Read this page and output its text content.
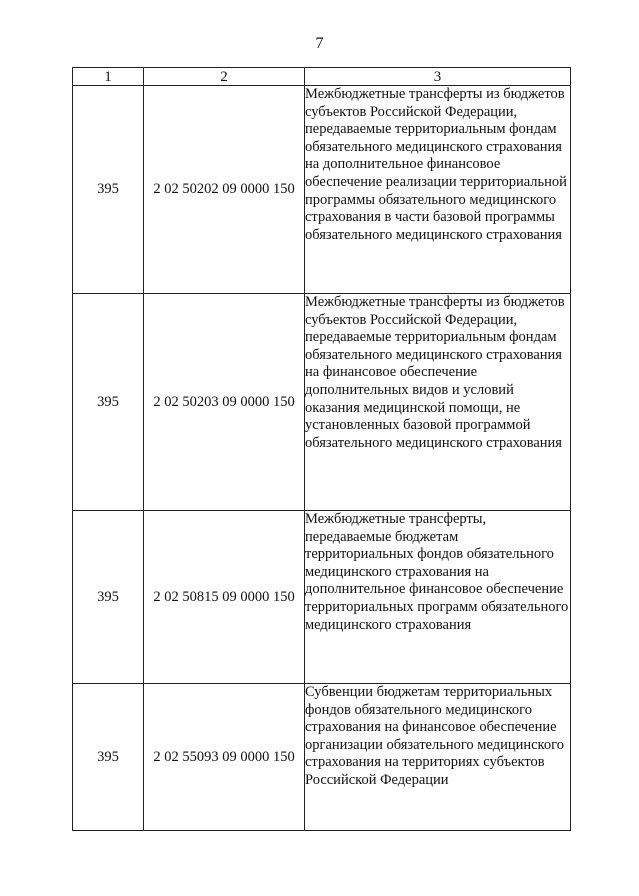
7
1	2	3
395	2 02 50202 09 0000 150	Межбюджетные трансферты из бюджетов субъектов Российской Федерации, передаваемые территориальным фондам обязательного медицинского страхования на дополнительное финансовое обеспечение реализации территориальной программы обязательного медицинского страхования в части базовой программы обязательного медицинского страхования
395	2 02 50203 09 0000 150	Межбюджетные трансферты из бюджетов субъектов Российской Федерации, передаваемые территориальным фондам обязательного медицинского страхования на финансовое обеспечение дополнительных видов и условий оказания медицинской помощи, не установленных базовой программой обязательного медицинского страхования
395	2 02 50815 09 0000 150	Межбюджетные трансферты, передаваемые бюджетам территориальных фондов обязательного медицинского страхования на дополнительное финансовое обеспечение территориальных программ обязательного медицинского страхования
395	2 02 55093 09 0000 150	Субвенции бюджетам территориальных фондов обязательного медицинского страхования на финансовое обеспечение организации обязательного медицинского страхования на территориях субъектов Российской Федерации
